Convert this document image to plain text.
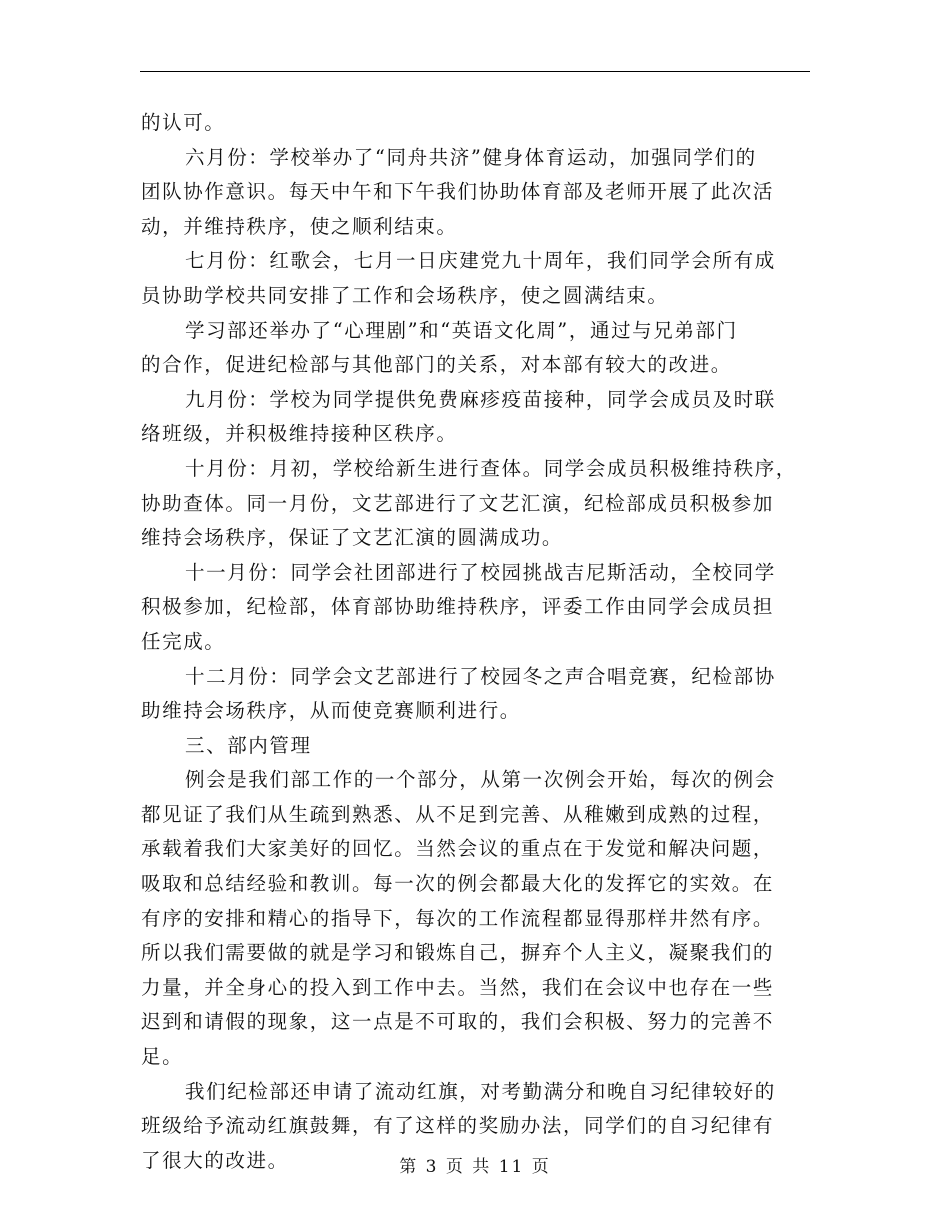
的认可。

六月份：学校举办了“同舟共济”健身体育运动，加强同学们的

团队协作意识。每天中午和下午我们协助体育部及老师开展了此次活

动，并维持秩序，使之顺利结束。

七月份：红歌会，七月一日庆建党九十周年，我们同学会所有成

员协助学校共同安排了工作和会场秩序，使之圆满结束。

学习部还举办了“心理剧”和“英语文化周”，通过与兄弟部门

的合作，促进纪检部与其他部门的关系，对本部有较大的改进。

九月份：学校为同学提供免费麻疹疫苗接种，同学会成员及时联

络班级，并积极维持接种区秩序。

十月份：月初，学校给新生进行查体。同学会成员积极维持秩序，

协助查体。同一月份，文艺部进行了文艺汇演，纪检部成员积极参加

维持会场秩序，保证了文艺汇演的圆满成功。

十一月份：同学会社团部进行了校园挑战吉尼斯活动，全校同学

积极参加，纪检部，体育部协助维持秩序，评委工作由同学会成员担

任完成。

十二月份：同学会文艺部进行了校园冬之声合唱竞赛，纪检部协

助维持会场秩序，从而使竞赛顺利进行。

三、部内管理

例会是我们部工作的一个部分，从第一次例会开始，每次的例会

都见证了我们从生疏到熟悉、从不足到完善、从稚嫩到成熟的过程，

承载着我们大家美好的回忆。当然会议的重点在于发觉和解决问题，

吸取和总结经验和教训。每一次的例会都最大化的发挥它的实效。在

有序的安排和精心的指导下，每次的工作流程都显得那样井然有序。

所以我们需要做的就是学习和锻炼自己，摒弃个人主义，凝聚我们的

力量，并全身心的投入到工作中去。当然，我们在会议中也存在一些

迟到和请假的现象，这一点是不可取的，我们会积极、努力的完善不

足。

我们纪检部还申请了流动红旗，对考勤满分和晚自习纪律较好的

班级给予流动红旗鼓舞，有了这样的奖励办法，同学们的自习纪律有

了很大的改进。	第 3 页 共 11 页
